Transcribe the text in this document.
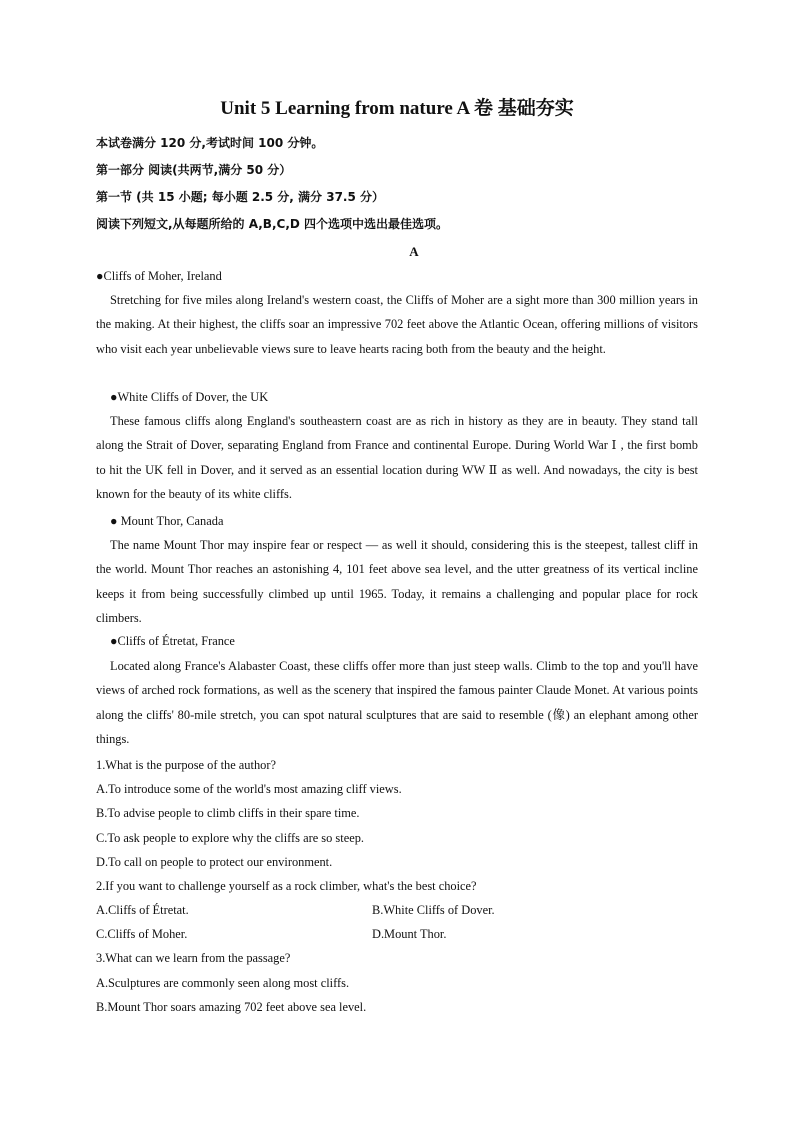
Unit 5 Learning from nature A 卷 基础夯实
本试卷满分 120 分,考试时间 100 分钟。
第一部分 阅读(共两节,满分 50 分）
第一节 (共 15 小题; 每小题 2.5 分, 满分 37.5 分）
阅读下列短文,从每题所给的 A,B,C,D 四个选项中选出最佳选项。
A
●Cliffs of Moher, Ireland

Stretching for five miles along Ireland's western coast, the Cliffs of Moher are a sight more than 300 million years in the making. At their highest, the cliffs soar an impressive 702 feet above the Atlantic Ocean, offering millions of visitors who visit each year unbelievable views sure to leave hearts racing both from the beauty and the height.

●White Cliffs of Dover, the UK

These famous cliffs along England's southeastern coast are as rich in history as they are in beauty. They stand tall along the Strait of Dover, separating England from France and continental Europe. During World War Ⅰ , the first bomb to hit the UK fell in Dover, and it served as an essential location during WW Ⅱ as well. And nowadays, the city is best known for the beauty of its white cliffs.

● Mount Thor, Canada

The name Mount Thor may inspire fear or respect — as well it should, considering this is the steepest, tallest cliff in the world. Mount Thor reaches an astonishing 4, 101 feet above sea level, and the utter greatness of its vertical incline keeps it from being successfully climbed up until 1965. Today, it remains a challenging and popular place for rock climbers.

●Cliffs of Étretat, France

Located along France's Alabaster Coast, these cliffs offer more than just steep walls. Climb to the top and you'll have views of arched rock formations, as well as the scenery that inspired the famous painter Claude Monet. At various points along the cliffs' 80-mile stretch, you can spot natural sculptures that are said to resemble (像) an elephant among other things.

1.What is the purpose of the author?
A.To introduce some of the world's most amazing cliff views.
B.To advise people to climb cliffs in their spare time.
C.To ask people to explore why the cliffs are so steep.
D.To call on people to protect our environment.
2.If you want to challenge yourself as a rock climber, what's the best choice?
A.Cliffs of Étretat.	B.White Cliffs of Dover.
C.Cliffs of Moher.	D.Mount Thor.
3.What can we learn from the passage?
A.Sculptures are commonly seen along most cliffs.
B.Mount Thor soars amazing 702 feet above sea level.
